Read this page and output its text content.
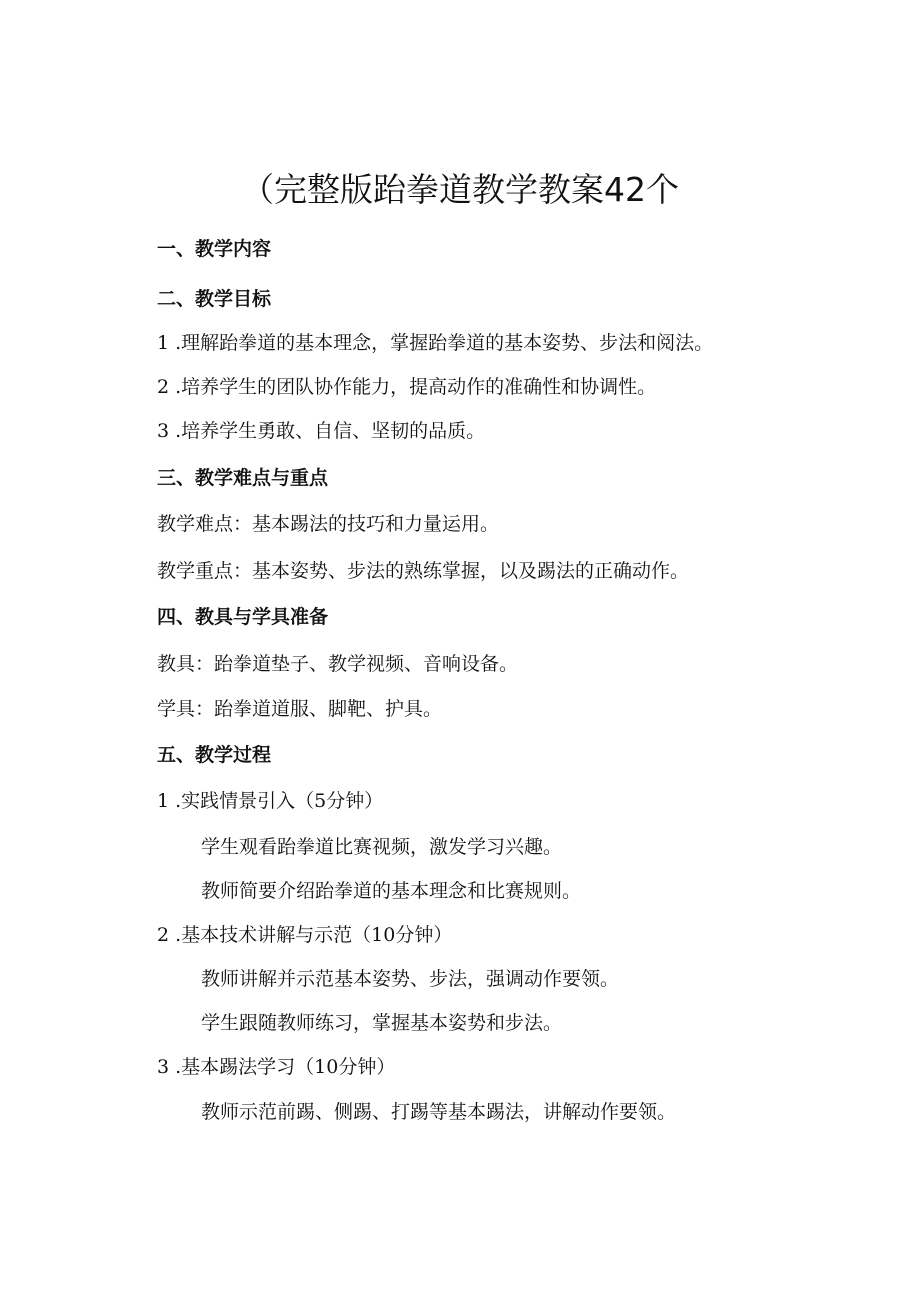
（完整版跆拳道教学教案42个
一、教学内容
二、教学目标
1 .理解跆拳道的基本理念，掌握跆拳道的基本姿势、步法和阅法。
2 .培养学生的团队协作能力，提高动作的准确性和协调性。
3 .培养学生勇敢、自信、坚韧的品质。
三、教学难点与重点
教学难点：基本踢法的技巧和力量运用。
教学重点：基本姿势、步法的熟练掌握，以及踢法的正确动作。
四、教具与学具准备
教具：跆拳道垫子、教学视频、音响设备。
学具：跆拳道道服、脚靶、护具。
五、教学过程
1 .实践情景引入（5分钟）
学生观看跆拳道比赛视频，激发学习兴趣。
教师简要介绍跆拳道的基本理念和比赛规则。
2 .基本技术讲解与示范（10分钟）
教师讲解并示范基本姿势、步法，强调动作要领。
学生跟随教师练习，掌握基本姿势和步法。
3 .基本踢法学习（10分钟）
教师示范前踢、侧踢、打踢等基本踢法，讲解动作要领。
